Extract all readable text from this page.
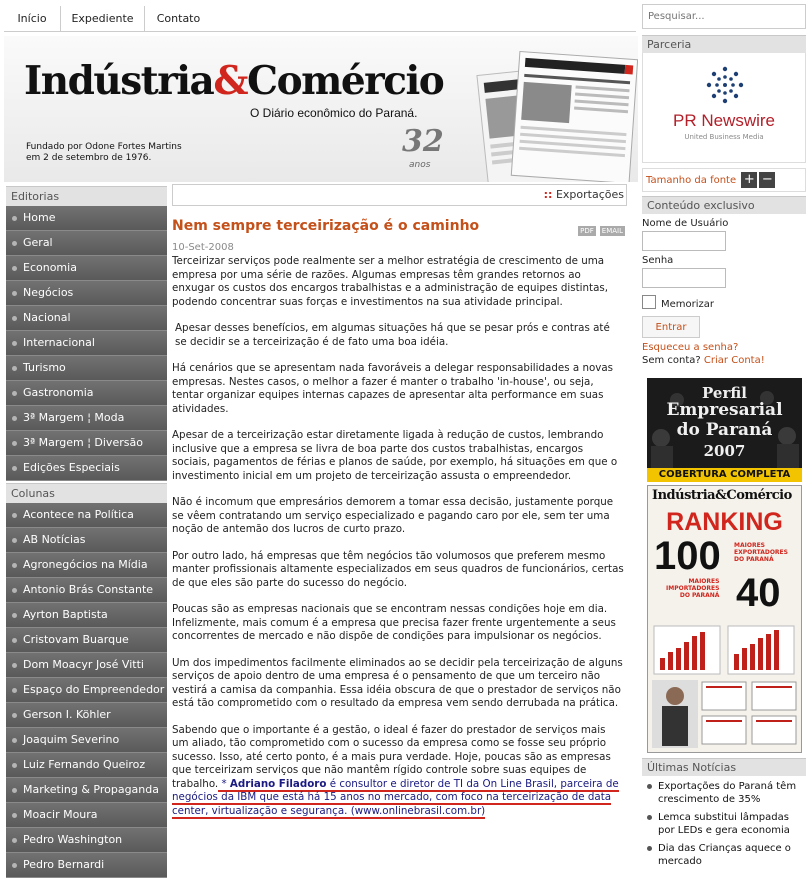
Início	Expediente	Contato
Indústria&Comércio
O Diário econômico do Paraná.
Fundado por Odone Fortes Martins
em 2 de setembro de 1976.	32
anos
Editorias
Home
Geral
Economia
Negócios
Nacional
Internacional
Turismo
Gastronomia
3ª Margem ¦ Moda
3ª Margem ¦ Diversão
Edições Especiais
Colunas
Acontece na Política
AB Notícias
Agronegócios na Mídia
Antonio Brás Constante
Ayrton Baptista
Cristovam Buarque
Dom Moacyr José Vitti
Espaço do Empreendedor
Gerson I. Köhler
Joaquim Severino
Luiz Fernando Queiroz
Marketing & Propaganda
Moacir Moura
Pedro Washington
Pedro Bernardi
:: Exportações
Nem sempre terceirização é o caminho	PDF EMAIL
10-Set-2008

Terceirizar serviços pode realmente ser a melhor estratégia de crescimento de uma empresa por uma série de razões. Algumas empresas têm grandes retornos ao enxugar os custos dos encargos trabalhistas e a administração de equipes distintas, podendo concentrar suas forças e investimentos na sua atividade principal.

Apesar desses benefícios, em algumas situações há que se pesar prós e contras até se decidir se a terceirização é de fato uma boa idéia.

Há cenários que se apresentam nada favoráveis a delegar responsabilidades a novas empresas. Nestes casos, o melhor a fazer é manter o trabalho 'in-house', ou seja, tentar organizar equipes internas capazes de apresentar alta performance em suas atividades.

Apesar de a terceirização estar diretamente ligada à redução de custos, lembrando inclusive que a empresa se livra de boa parte dos custos trabalhistas, encargos sociais, pagamentos de férias e planos de saúde, por exemplo, há situações em que o investimento inicial em um projeto de terceirização assusta o empreendedor.

Não é incomum que empresários demorem a tomar essa decisão, justamente porque se vêem contratando um serviço especializado e pagando caro por ele, sem ter uma noção de antemão dos lucros de curto prazo.

Por outro lado, há empresas que têm negócios tão volumosos que preferem mesmo manter profissionais altamente especializados em seus quadros de funcionários, certas de que eles são parte do sucesso do negócio.

Poucas são as empresas nacionais que se encontram nessas condições hoje em dia. Infelizmente, mais comum é a empresa que precisa fazer frente urgentemente a seus concorrentes de mercado e não dispõe de condições para impulsionar os negócios.

Um dos impedimentos facilmente eliminados ao se decidir pela terceirização de alguns serviços de apoio dentro de uma empresa é o pensamento de que um terceiro não vestirá a camisa da companhia. Essa idéia obscura de que o prestador de serviços não está tão comprometido com o resultado da empresa vem sendo derrubada na prática.

Sabendo que o importante é a gestão, o ideal é fazer do prestador de serviços mais um aliado, tão comprometido com o sucesso da empresa como se fosse seu próprio sucesso. Isso, até certo ponto, é a mais pura verdade. Hoje, poucas são as empresas que terceirizam serviços que não mantêm rígido controle sobre suas equipes de trabalho. * Adriano Filadoro é consultor e diretor de TI da On Line Brasil, parceira de negócios da IBM que está há 15 anos no mercado, com foco na terceirização de data center, virtualização e segurança. (www.onlinebrasil.com.br)

Pesquisar...
Parceria
PR Newswire
United Business Media
Tamanho da fonte + −
Conteúdo exclusivo
Nome de Usuário
Senha
Memorizar
Entrar
Esqueceu a senha?
Sem conta? Criar Conta!
Perfil
Empresarial
do Paraná
2007
COBERTURA COMPLETA
Indústria&Comércio
RANKING
100 MAIORES
EXPORTADORES
DO PARANÁ
MAIORES
IMPORTADORES
DO PARANÁ 40
Últimas Notícias
Exportações do Paraná têm crescimento de 35%
Lemca substitui lâmpadas por LEDs e gera economia
Dia das Crianças aquece o mercado
